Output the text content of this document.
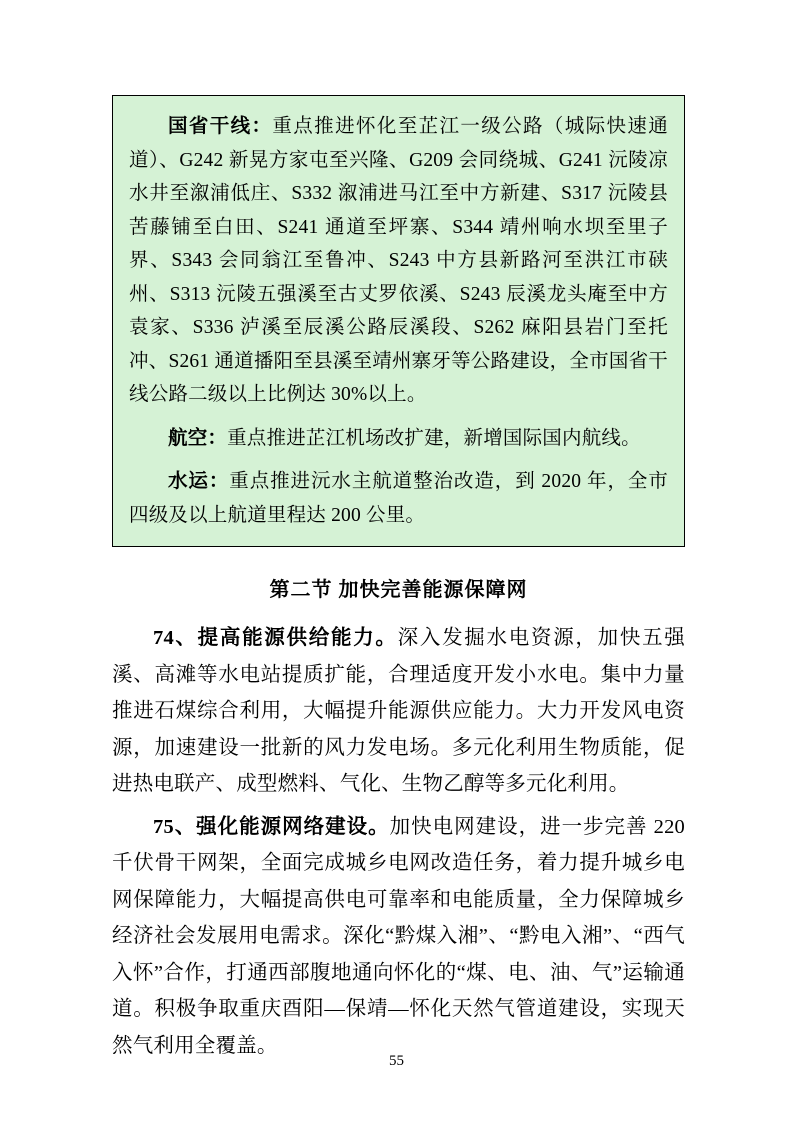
国省干线：重点推进怀化至芷江一级公路（城际快速通道）、G242 新晃方家屯至兴隆、G209 会同绕城、G241 沅陵凉水井至溆浦低庄、S332 溆浦进马江至中方新建、S317 沅陵县苦藤铺至白田、S241 通道至坪寨、S344 靖州响水坝至里子界、S343 会同翁江至鲁冲、S243 中方县新路河至洪江市硖州、S313 沅陵五强溪至古丈罗依溪、S243 辰溪龙头庵至中方袁家、S336 泸溪至辰溪公路辰溪段、S262 麻阳县岩门至托冲、S261 通道播阳至县溪至靖州寨牙等公路建设，全市国省干线公路二级以上比例达 30%以上。

航空：重点推进芷江机场改扩建，新增国际国内航线。

水运：重点推进沅水主航道整治改造，到 2020 年，全市四级及以上航道里程达 200 公里。

第二节 加快完善能源保障网

74、提高能源供给能力。深入发掘水电资源，加快五强溪、高滩等水电站提质扩能，合理适度开发小水电。集中力量推进石煤综合利用，大幅提升能源供应能力。大力开发风电资源，加速建设一批新的风力发电场。多元化利用生物质能，促进热电联产、成型燃料、气化、生物乙醇等多元化利用。

75、强化能源网络建设。加快电网建设，进一步完善 220 千伏骨干网架，全面完成城乡电网改造任务，着力提升城乡电网保障能力，大幅提高供电可靠率和电能质量，全力保障城乡经济社会发展用电需求。深化“黔煤入湘”、“黔电入湘”、“西气入怀”合作，打通西部腹地通向怀化的“煤、电、油、气”运输通道。积极争取重庆酉阳—保靖—怀化天然气管道建设，实现天然气利用全覆盖。

55
